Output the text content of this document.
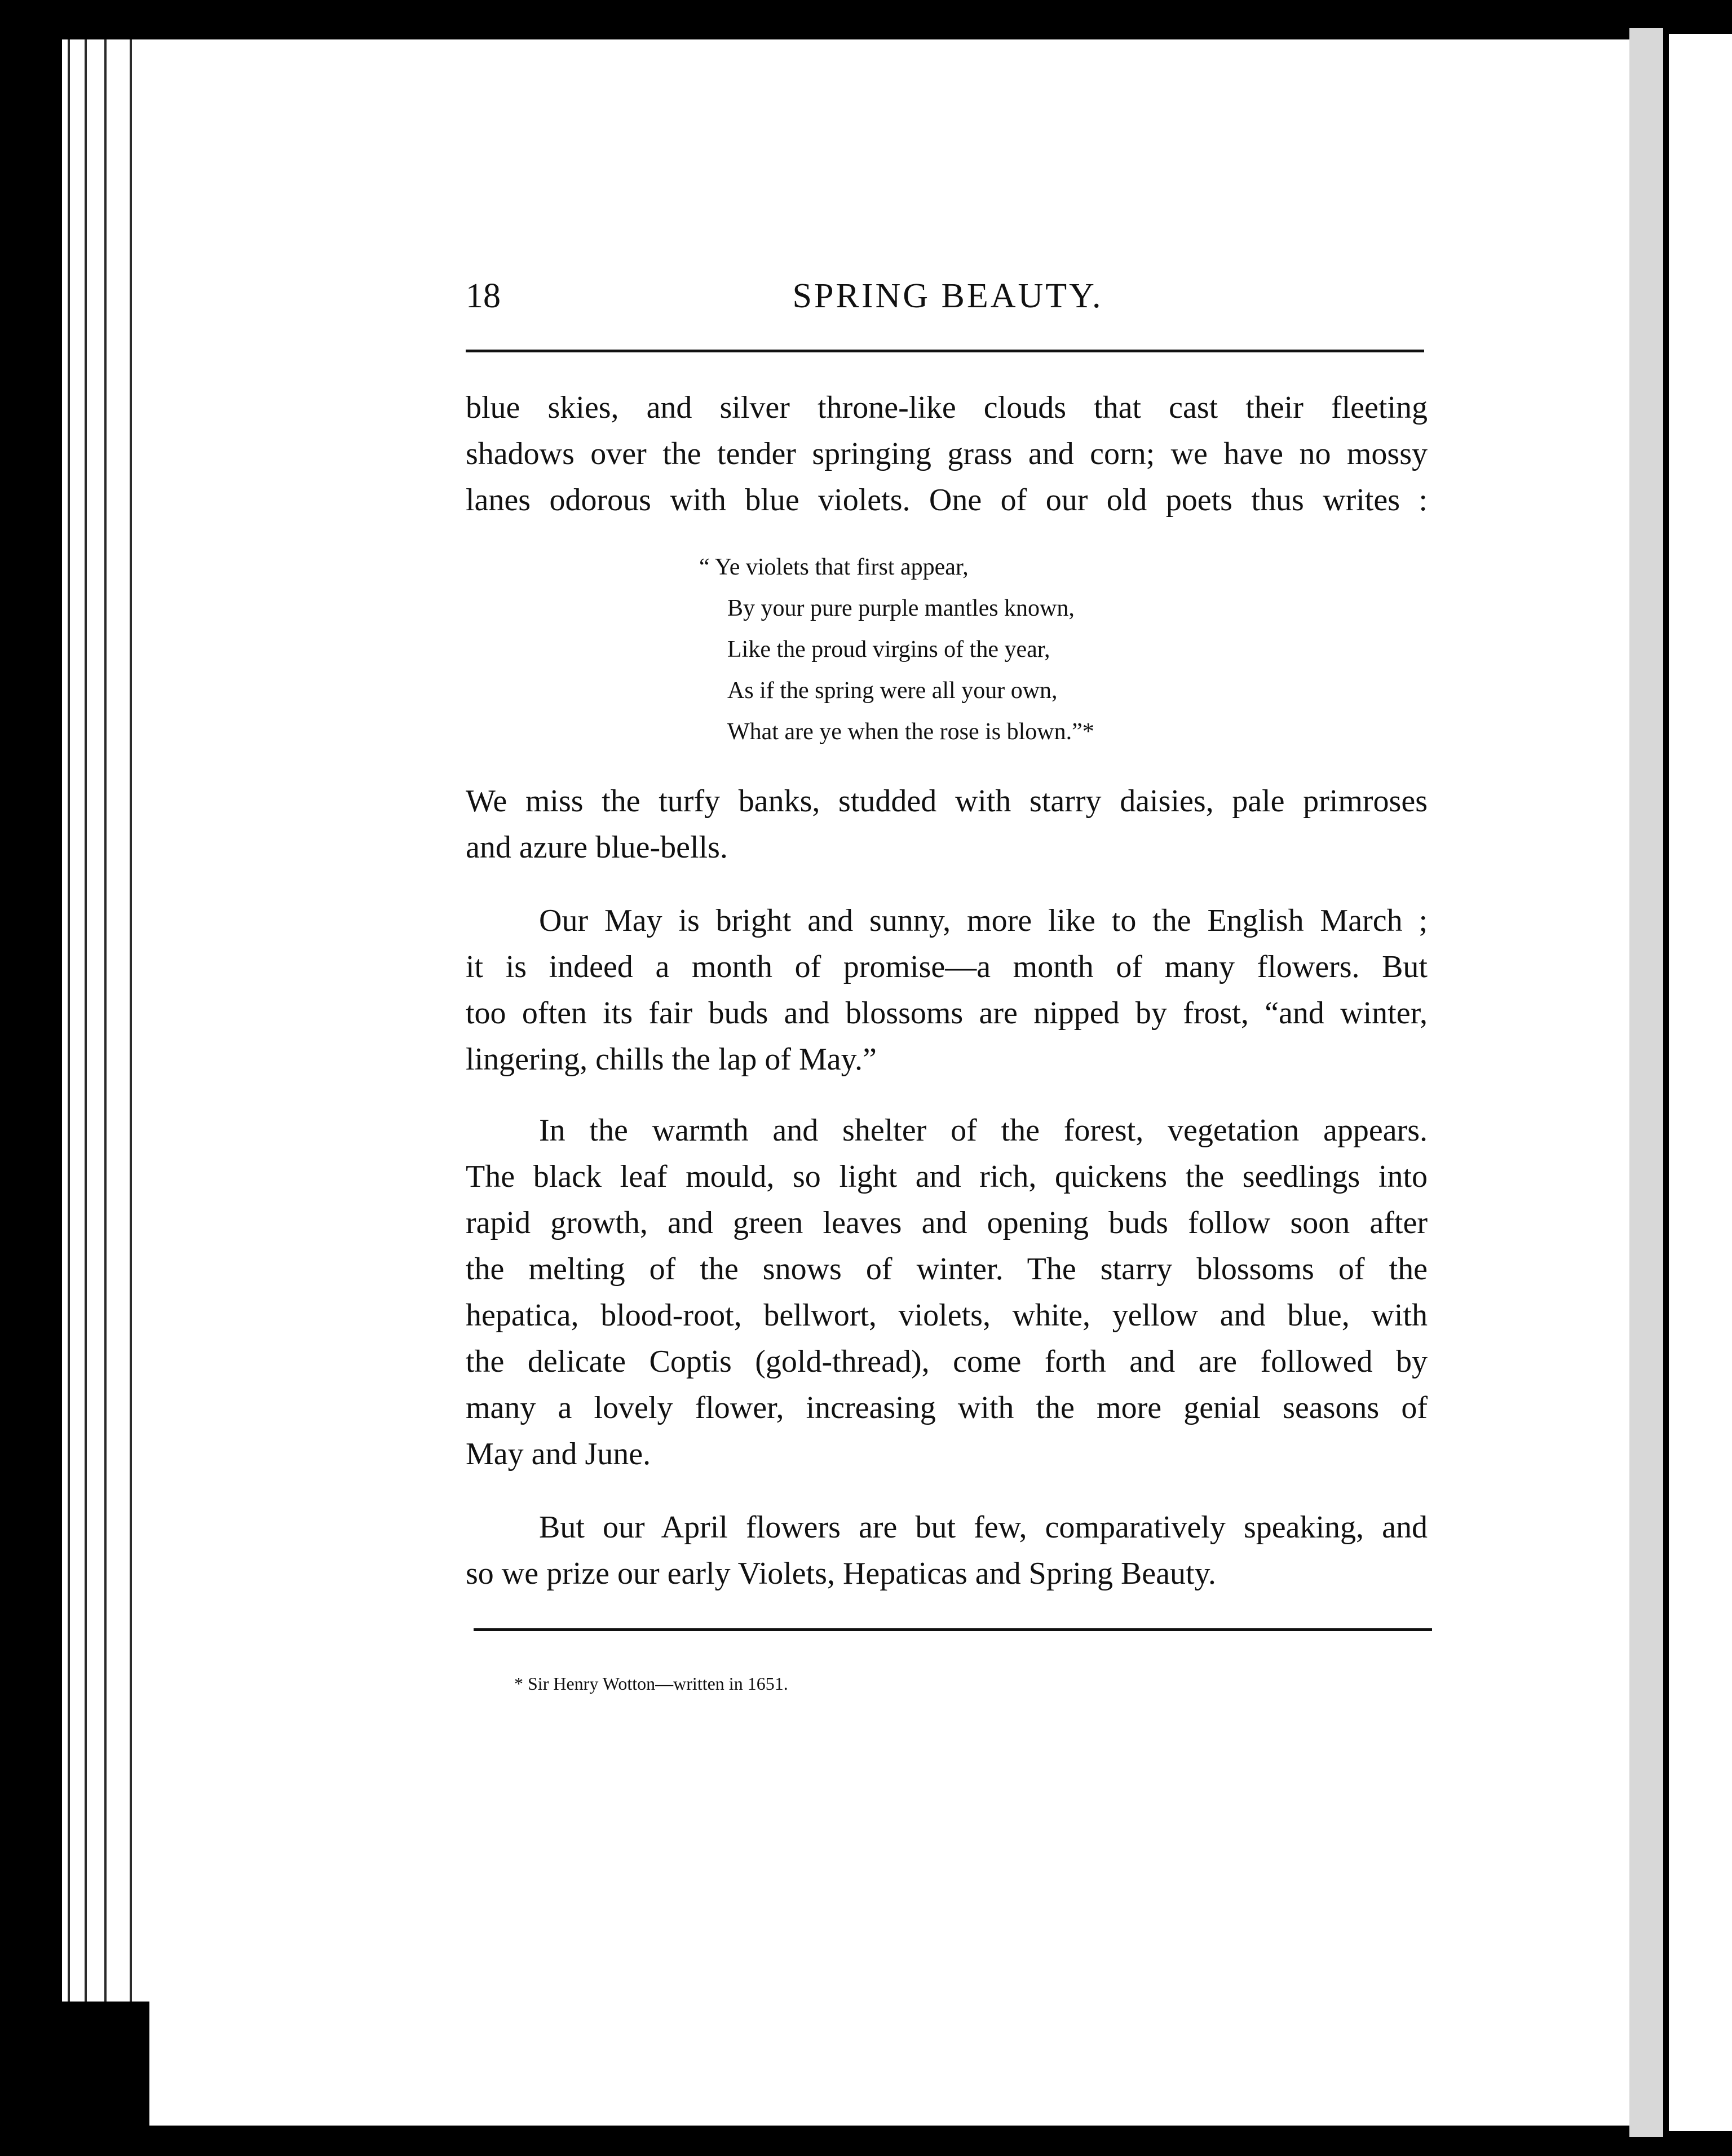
18	SPRING BEAUTY.
blue skies, and silver throne-like clouds that cast their fleeting
shadows over the tender springing grass and corn; we have no mossy
lanes odorous with blue violets. One of our old poets thus writes :
“ Ye violets that first appear,
By your pure purple mantles known,
Like the proud virgins of the year,
As if the spring were all your own,
What are ye when the rose is blown.”*
We miss the turfy banks, studded with starry daisies, pale primroses
and azure blue-bells.
Our May is bright and sunny, more like to the English March ;
it is indeed a month of promise—a month of many flowers. But
too often its fair buds and blossoms are nipped by frost, “and winter,
lingering, chills the lap of May.”
In the warmth and shelter of the forest, vegetation appears.
The black leaf mould, so light and rich, quickens the seedlings into
rapid growth, and green leaves and opening buds follow soon after
the melting of the snows of winter. The starry blossoms of the
hepatica, blood-root, bellwort, violets, white, yellow and blue, with
the delicate Coptis (gold-thread), come forth and are followed by
many a lovely flower, increasing with the more genial seasons of
May and June.
But our April flowers are but few, comparatively speaking, and
so we prize our early Violets, Hepaticas and Spring Beauty.
* Sir Henry Wotton—written in 1651.
